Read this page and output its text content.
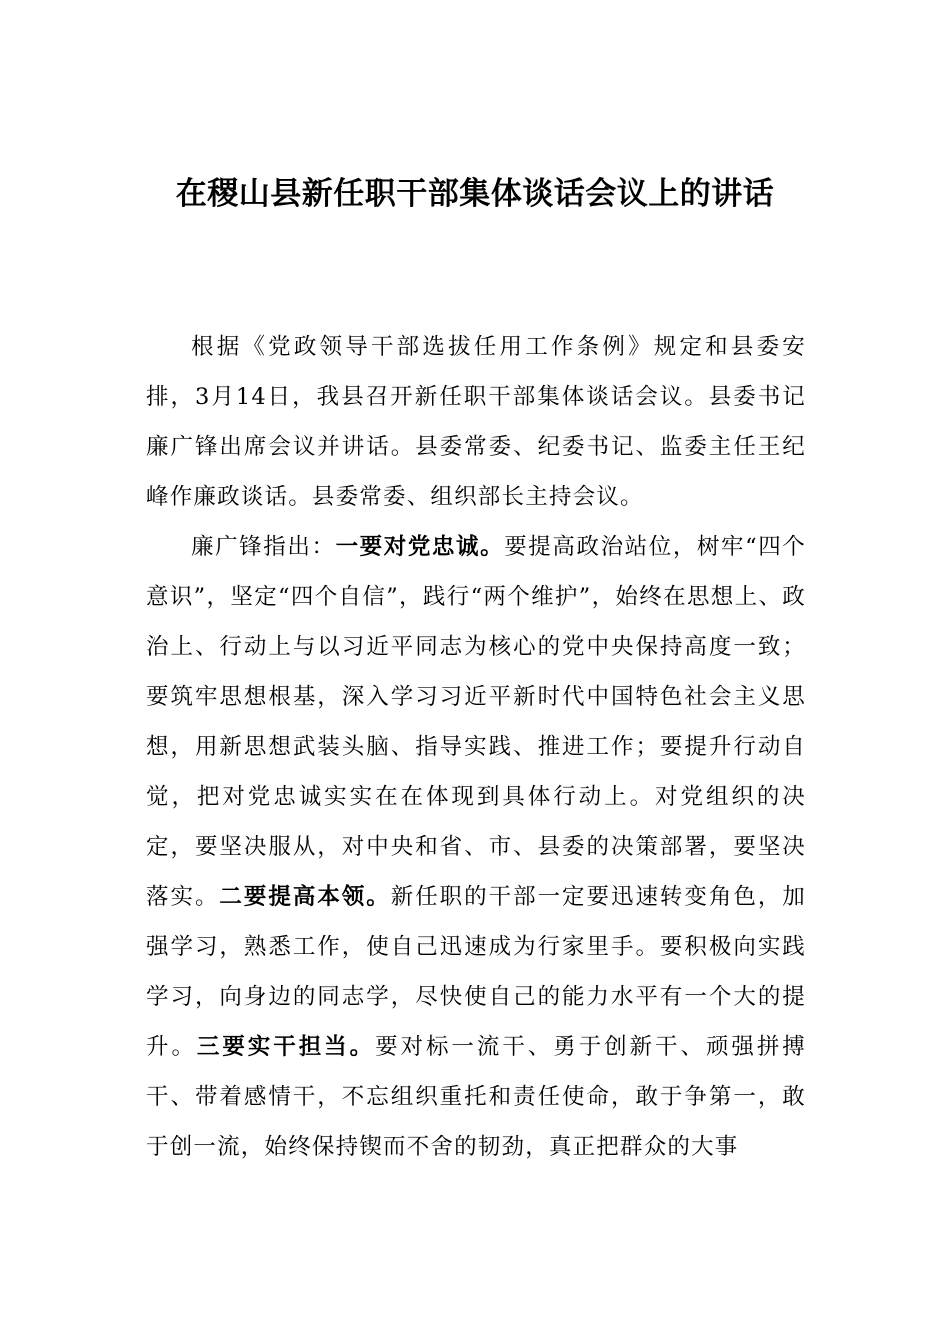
在稷山县新任职干部集体谈话会议上的讲话

根据《党政领导干部选拔任用工作条例》规定和县委安排，3月14日，我县召开新任职干部集体谈话会议。县委书记廉广锋出席会议并讲话。县委常委、纪委书记、监委主任王纪峰作廉政谈话。县委常委、组织部长主持会议。

廉广锋指出：一要对党忠诚。要提高政治站位，树牢“四个意识”，坚定“四个自信”，践行“两个维护”，始终在思想上、政治上、行动上与以习近平同志为核心的党中央保持高度一致；要筑牢思想根基，深入学习习近平新时代中国特色社会主义思想，用新思想武装头脑、指导实践、推进工作；要提升行动自觉，把对党忠诚实实在在体现到具体行动上。对党组织的决定，要坚决服从，对中央和省、市、县委的决策部署，要坚决落实。二要提高本领。新任职的干部一定要迅速转变角色，加强学习，熟悉工作，使自己迅速成为行家里手。要积极向实践学习，向身边的同志学，尽快使自己的能力水平有一个大的提升。三要实干担当。要对标一流干、勇于创新干、顽强拼搏干、带着感情干，不忘组织重托和责任使命，敢于争第一，敢于创一流，始终保持锲而不舍的韧劲，真正把群众的大事
